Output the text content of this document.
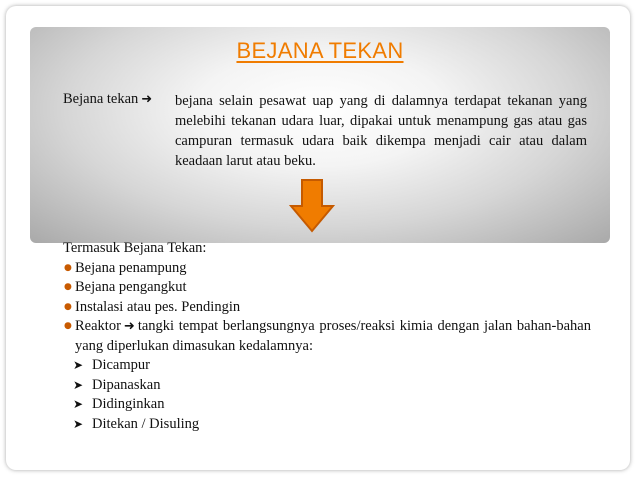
BEJANA TEKAN
Bejana tekan ➜ bejana selain pesawat uap yang di dalamnya terdapat tekanan yang melebihi tekanan udara luar, dipakai untuk menampung gas atau gas campuran termasuk udara baik dikempa menjadi cair atau dalam keadaan larut atau beku.

Termasuk Bejana Tekan:

● Bejana penampung
● Bejana pengangkut
● Instalasi atau pes. Pendingin
● Reaktor ➜ tangki tempat berlangsungnya proses/reaksi kimia dengan jalan bahan-bahan yang diperlukan dimasukan kedalamnya:
➤ Dicampur
➤ Dipanaskan
➤ Didinginkan
➤ Ditekan / Disuling
